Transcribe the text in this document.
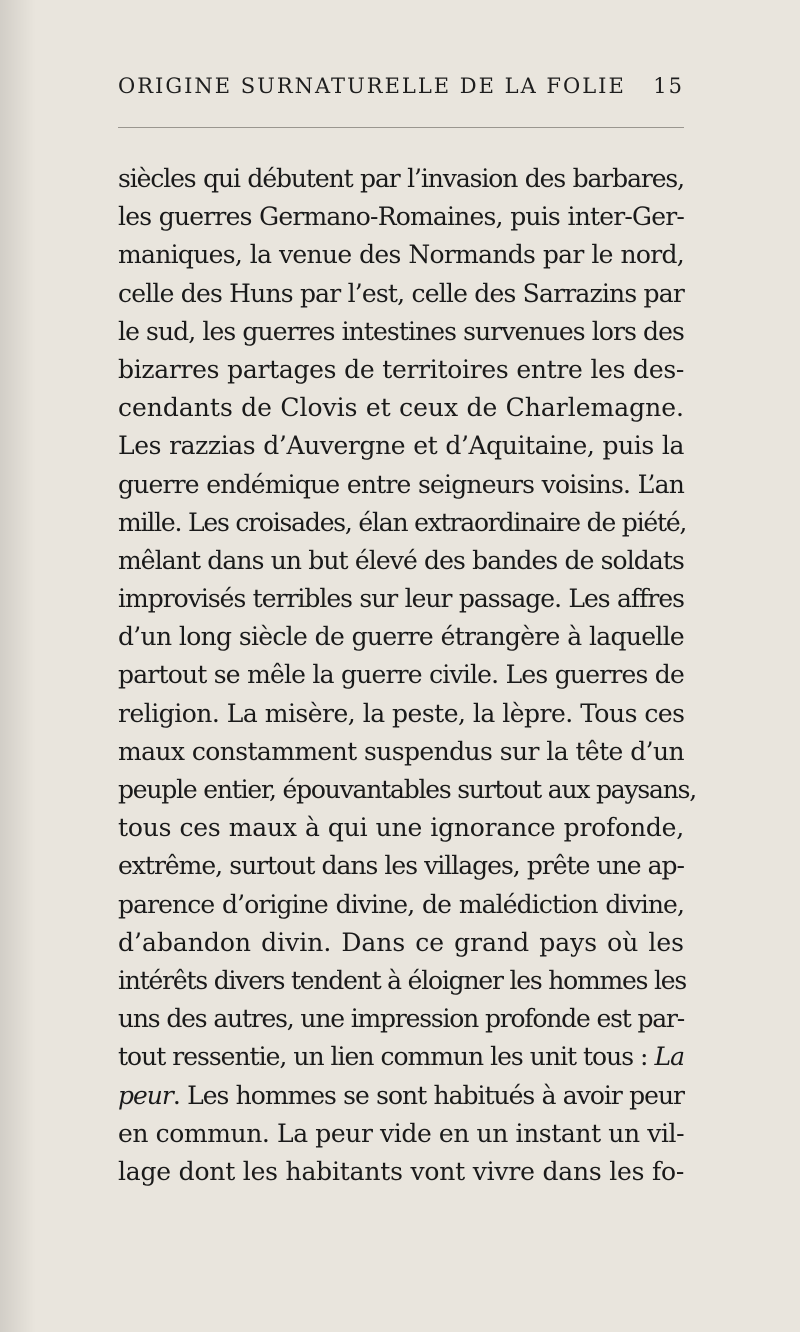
ORIGINE SURNATURELLE DE LA FOLIE 15
siècles qui débutent par l’invasion des barbares,
les guerres Germano-Romaines, puis inter-Ger-
maniques, la venue des Normands par le nord,
celle des Huns par l’est, celle des Sarrazins par
le sud, les guerres intestines survenues lors des
bizarres partages de territoires entre les des-
cendants de Clovis et ceux de Charlemagne.
Les razzias d’Auvergne et d’Aquitaine, puis la
guerre endémique entre seigneurs voisins. L’an
mille. Les croisades, élan extraordinaire de piété,
mêlant dans un but élevé des bandes de soldats
improvisés terribles sur leur passage. Les affres
d’un long siècle de guerre étrangère à laquelle
partout se mêle la guerre civile. Les guerres de
religion. La misère, la peste, la lèpre. Tous ces
maux constamment suspendus sur la tête d’un
peuple entier, épouvantables surtout aux paysans,
tous ces maux à qui une ignorance profonde,
extrême, surtout dans les villages, prête une ap-
parence d’origine divine, de malédiction divine,
d’abandon divin. Dans ce grand pays où les
intérêts divers tendent à éloigner les hommes les
uns des autres, une impression profonde est par-
tout ressentie, un lien commun les unit tous : La
peur. Les hommes se sont habitués à avoir peur
en commun. La peur vide en un instant un vil-
lage dont les habitants vont vivre dans les fo-
